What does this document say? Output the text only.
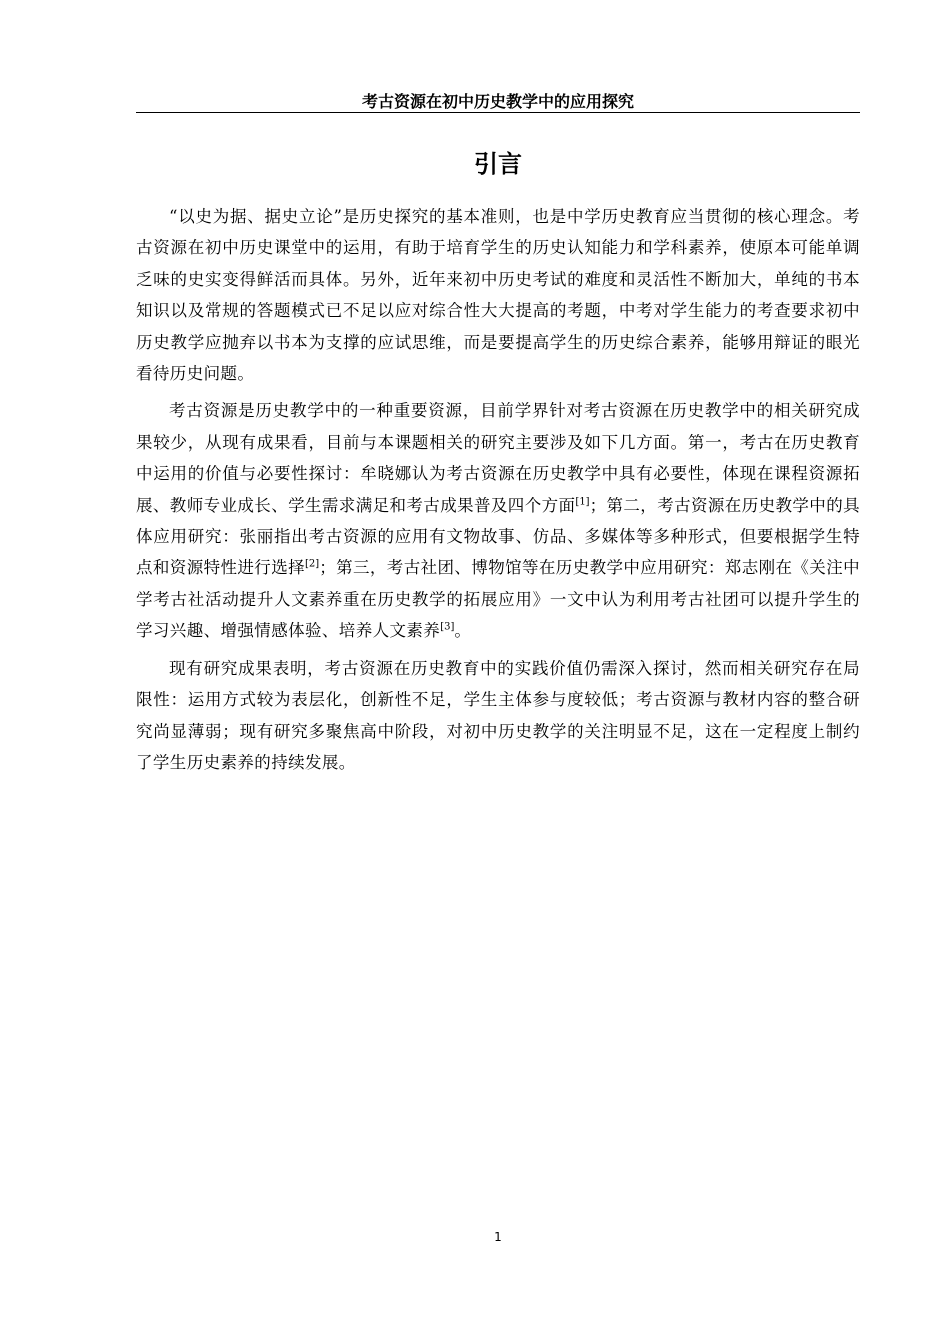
考古资源在初中历史教学中的应用探究
引言

“以史为据、据史立论”是历史探究的基本准则，也是中学历史教育应当贯彻的核心理念。考古资源在初中历史课堂中的运用，有助于培育学生的历史认知能力和学科素养，使原本可能单调乏味的史实变得鲜活而具体。另外，近年来初中历史考试的难度和灵活性不断加大，单纯的书本知识以及常规的答题模式已不足以应对综合性大大提高的考题，中考对学生能力的考查要求初中历史教学应抛弃以书本为支撑的应试思维，而是要提高学生的历史综合素养，能够用辩证的眼光看待历史问题。

考古资源是历史教学中的一种重要资源，目前学界针对考古资源在历史教学中的相关研究成果较少，从现有成果看，目前与本课题相关的研究主要涉及如下几方面。第一，考古在历史教育中运用的价值与必要性探讨：牟晓娜认为考古资源在历史教学中具有必要性，体现在课程资源拓展、教师专业成长、学生需求满足和考古成果普及四个方面[1]；第二，考古资源在历史教学中的具体应用研究：张丽指出考古资源的应用有文物故事、仿品、多媒体等多种形式，但要根据学生特点和资源特性进行选择[2]；第三，考古社团、博物馆等在历史教学中应用研究：郑志刚在《关注中学考古社活动提升人文素养重在历史教学的拓展应用》一文中认为利用考古社团可以提升学生的学习兴趣、增强情感体验、培养人文素养[3]。

现有研究成果表明，考古资源在历史教育中的实践价值仍需深入探讨，然而相关研究存在局限性：运用方式较为表层化，创新性不足，学生主体参与度较低；考古资源与教材内容的整合研究尚显薄弱；现有研究多聚焦高中阶段，对初中历史教学的关注明显不足，这在一定程度上制约了学生历史素养的持续发展。

1
